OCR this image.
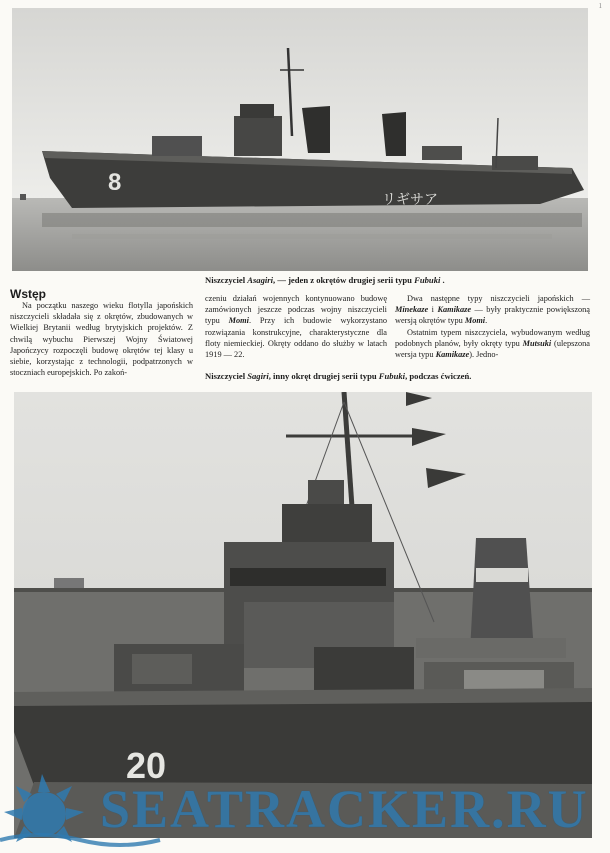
1
8
リギサア
Niszczyciel Asagiri, — jeden z okrętów drugiej serii typu Fubuki .
Wstęp

Na początku naszego wieku flotylla japońskich niszczycieli składała się z okrętów, zbudowanych w Wielkiej Brytanii według brytyjskich projektów. Z chwilą wybuchu Pierwszej Wojny Światowej Japończycy rozpoczęli budowę okrętów tej klasy u siebie, korzystając z technologii, podpatrzonych w stoczniach europejskich. Po zakoń-

czeniu działań wojennych kontynuowano budowę zamówionych jeszcze podczas wojny niszczycieli typu Momi. Przy ich budowie wykorzystano rozwiązania konstrukcyjne, charakterystyczne dla floty niemieckiej. Okręty oddano do służby w latach 1919 — 22.

Dwa następne typy niszczycieli japońskich — Minekaze i Kamikaze — były praktycznie powiększoną wersją okrętów typu Momi.

Ostatnim typem niszczyciela, wybudowanym według podobnych planów, były okręty typu Mutsuki (ulepszona wersja typu Kamikaze). Jedno-

Niszczyciel Sagiri, inny okręt drugiej serii typu Fubuki, podczas ćwiczeń.
20
SEATRACKER.RU
